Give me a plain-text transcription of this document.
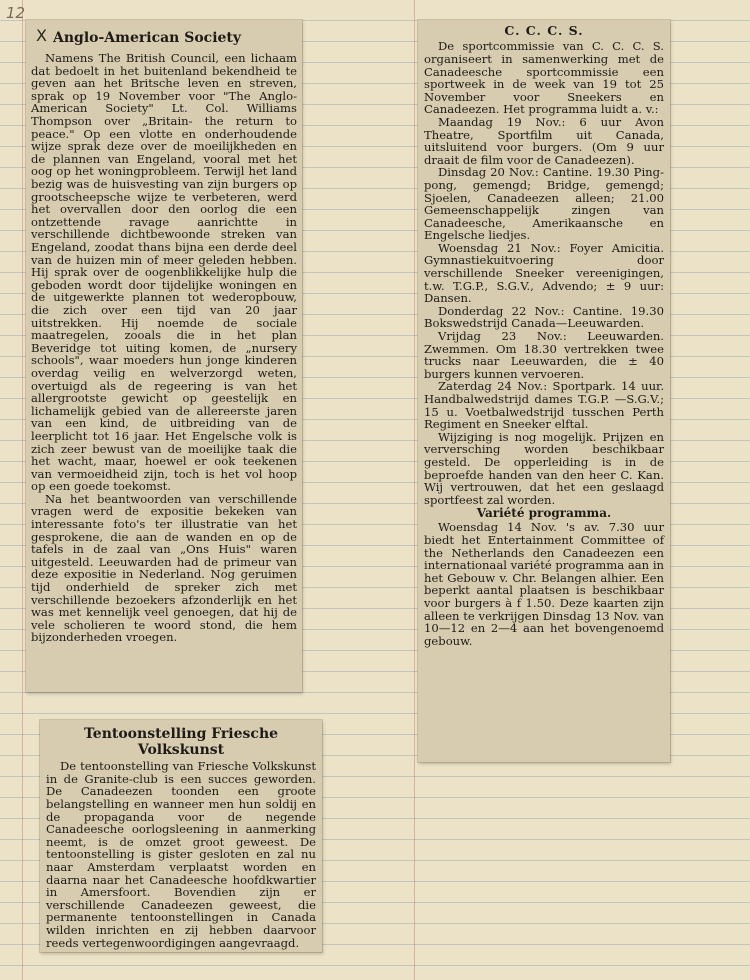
12
X Anglo-American Society

Namens The British Council, een lichaam dat bedoelt in het buitenland bekendheid te geven aan het Britsche leven en streven, sprak op 19 November voor "The Anglo-American Society" Lt. Col. Williams Thompson over „Britain- the return to peace." Op een vlotte en onderhoudende wijze sprak deze over de moeilijkheden en de plannen van Engeland, vooral met het oog op het woningprobleem. Terwijl het land bezig was de huisvesting van zijn burgers op grootscheepsche wijze te verbeteren, werd het overvallen door den oorlog die een ontzettende ravage aanrichtte in verschillende dichtbewoonde streken van Engeland, zoodat thans bijna een derde deel van de huizen min of meer geleden hebben. Hij sprak over de oogenblikkelijke hulp die geboden wordt door tijdelijke woningen en de uitgewerkte plannen tot wederopbouw, die zich over een tijd van 20 jaar uitstrekken. Hij noemde de sociale maatregelen, zooals die in het plan Beveridge tot uiting komen, de „nursery schools", waar moeders hun jonge kinderen overdag veilig en welverzorgd weten, overtuigd als de regeering is van het allergrootste gewicht op geestelijk en lichamelijk gebied van de allereerste jaren van een kind, de uitbreiding van de leerplicht tot 16 jaar. Het Engelsche volk is zich zeer bewust van de moeilijke taak die het wacht, maar, hoewel er ook teekenen van vermoeidheid zijn, toch is het vol hoop op een goede toekomst.

Na het beantwoorden van verschillende vragen werd de expositie bekeken van interessante foto's ter illustratie van het gesprokene, die aan de wanden en op de tafels in de zaal van „Ons Huis" waren uitgesteld. Leeuwarden had de primeur van deze expositie in Nederland. Nog geruimen tijd onderhield de spreker zich met verschillende bezoekers afzonderlijk en het was met kennelijk veel genoegen, dat hij de vele scholieren te woord stond, die hem bijzonderheden vroegen.

C. C. C. S.

De sportcommissie van C. C. C. S. organiseert in samenwerking met de Canadeesche sportcommissie een sportweek in de week van 19 tot 25 November voor Sneekers en Canadeezen. Het programma luidt a. v.:

Maandag 19 Nov.: 6 uur Avon Theatre, Sportfilm uit Canada, uitsluitend voor burgers. (Om 9 uur draait de film voor de Canadeezen).

Dinsdag 20 Nov.: Cantine. 19.30 Ping-pong, gemengd; Bridge, gemengd; Sjoelen, Canadeezen alleen; 21.00 Gemeenschappelijk zingen van Canadeesche, Amerikaansche en Engelsche liedjes.

Woensdag 21 Nov.: Foyer Amicitia. Gymnastiekuitvoering door verschillende Sneeker vereenigingen, t.w. T.G.P., S.G.V., Advendo; ± 9 uur: Dansen.

Donderdag 22 Nov.: Cantine. 19.30 Bokswedstrijd Canada—Leeuwarden.

Vrijdag 23 Nov.: Leeuwarden. Zwemmen. Om 18.30 vertrekken twee trucks naar Leeuwarden, die ± 40 burgers kunnen vervoeren.

Zaterdag 24 Nov.: Sportpark. 14 uur. Handbalwedstrijd dames T.G.P. —S.G.V.; 15 u. Voetbalwedstrijd tusschen Perth Regiment en Sneeker elftal.

Wijziging is nog mogelijk. Prijzen en verversching worden beschikbaar gesteld. De opperleiding is in de beproefde handen van den heer C. Kan. Wij vertrouwen, dat het een geslaagd sportfeest zal worden.

Variété programma.

Woensdag 14 Nov. 's av. 7.30 uur biedt het Entertainment Committee of the Netherlands den Canadeezen een internationaal variété programma aan in het Gebouw v. Chr. Belangen alhier. Een beperkt aantal plaatsen is beschikbaar voor burgers à f 1.50. Deze kaarten zijn alleen te verkrijgen Dinsdag 13 Nov. van 10—12 en 2—4 aan het bovengenoemd gebouw.

Tentoonstelling Friesche Volkskunst

De tentoonstelling van Friesche Volkskunst in de Granite-club is een succes geworden. De Canadeezen toonden een groote belangstelling en wanneer men hun soldij en de propaganda voor de negende Canadeesche oorlogsleening in aanmerking neemt, is de omzet groot geweest. De tentoonstelling is gister gesloten en zal nu naar Amsterdam verplaatst worden en daarna naar het Canadeesche hoofdkwartier in Amersfoort. Bovendien zijn er verschillende Canadeezen geweest, die permanente tentoonstellingen in Canada wilden inrichten en zij hebben daarvoor reeds vertegenwoordigingen aangevraagd.
